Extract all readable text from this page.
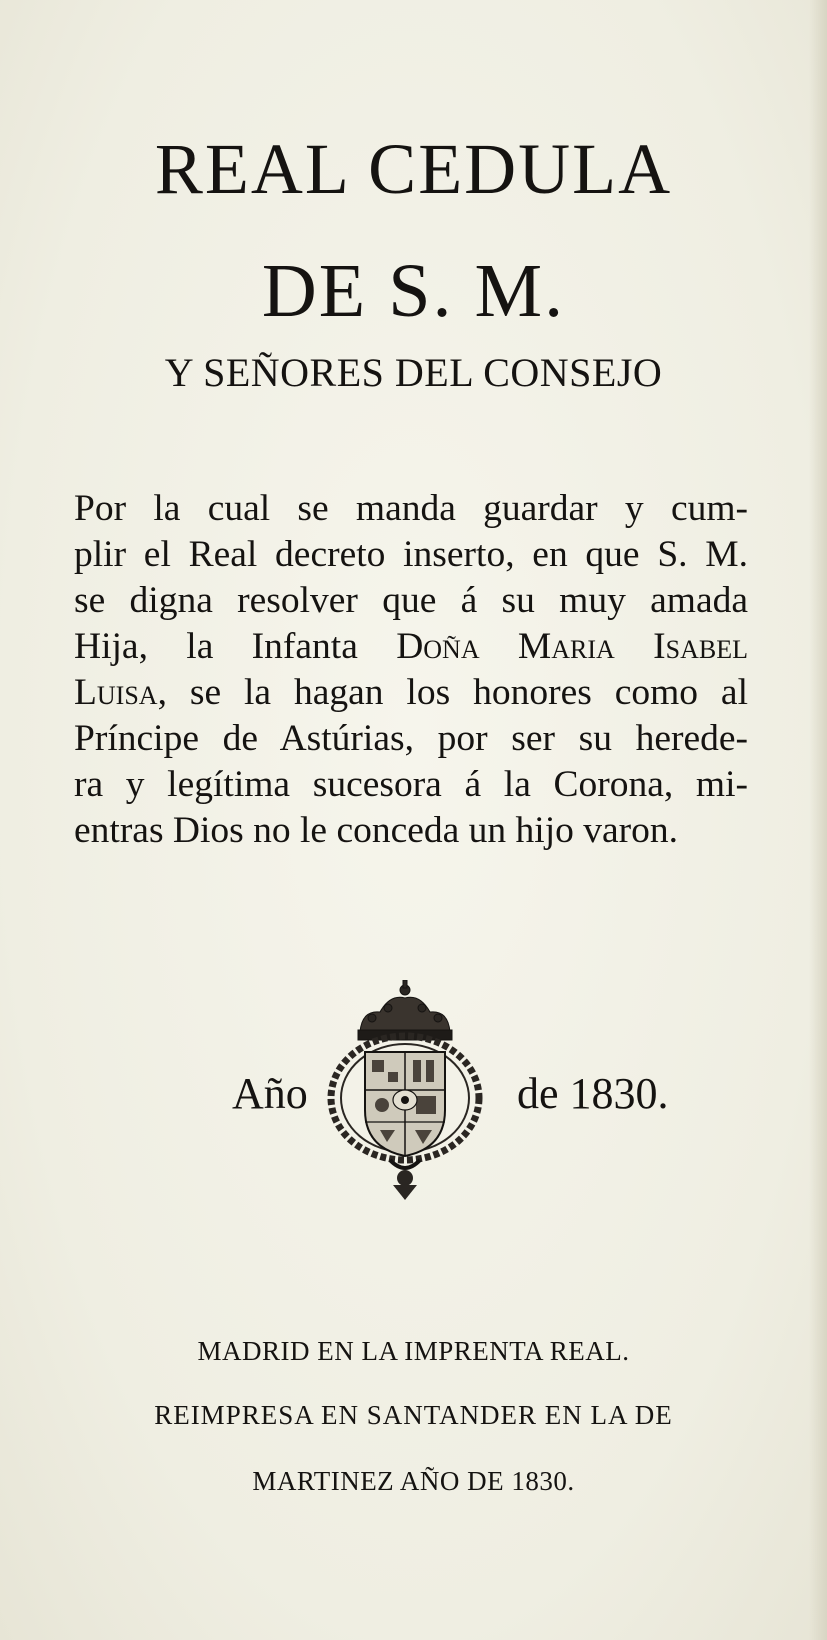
REAL CEDULA
DE S. M.
Y SEÑORES DEL CONSEJO
Por la cual se manda guardar y cum-
plir el Real decreto inserto, en que S. M.
se digna resolver que á su muy amada
Hija, la Infanta Doña Maria Isabel
Luisa, se la hagan los honores como al
Príncipe de Astúrias, por ser su herede-
ra y legítima sucesora á la Corona, mi-
entras Dios no le conceda un hijo varon.
Año	de 1830.
MADRID EN LA IMPRENTA REAL.
REIMPRESA EN SANTANDER EN LA DE
MARTINEZ AÑO DE 1830.
